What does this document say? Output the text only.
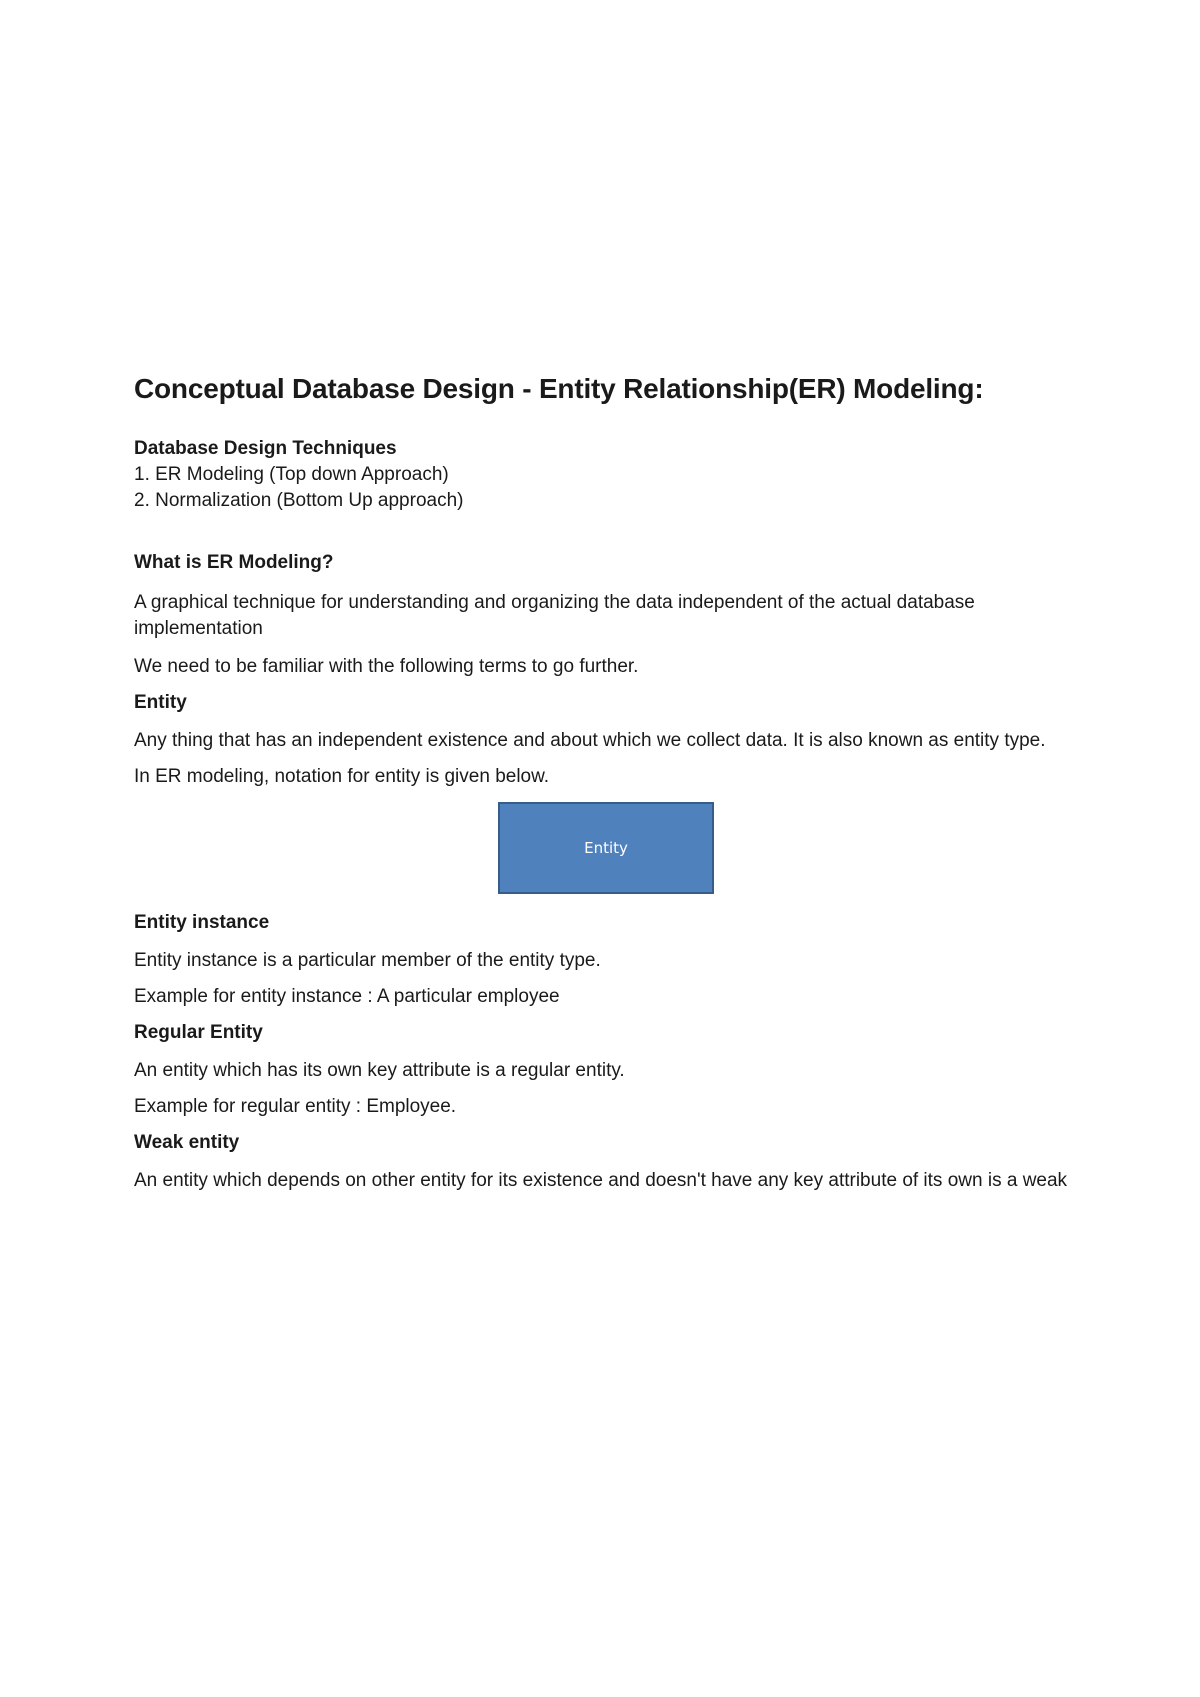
Conceptual Database Design - Entity Relationship(ER) Modeling:
Database Design Techniques
1. ER Modeling (Top down Approach)
2. Normalization (Bottom Up approach)
What is ER Modeling?

A graphical technique for understanding and organizing the data independent of the actual database implementation

We need to be familiar with the following terms to go further.

Entity

Any thing that has an independent existence and about which we collect data. It is also known as entity type.

In ER modeling, notation for entity is given below.

Entity
Entity instance

Entity instance is a particular member of the entity type.

Example for entity instance : A particular employee

Regular Entity

An entity which has its own key attribute is a regular entity.

Example for regular entity : Employee.

Weak entity

An entity which depends on other entity for its existence and doesn't have any key attribute of its own is a weak
